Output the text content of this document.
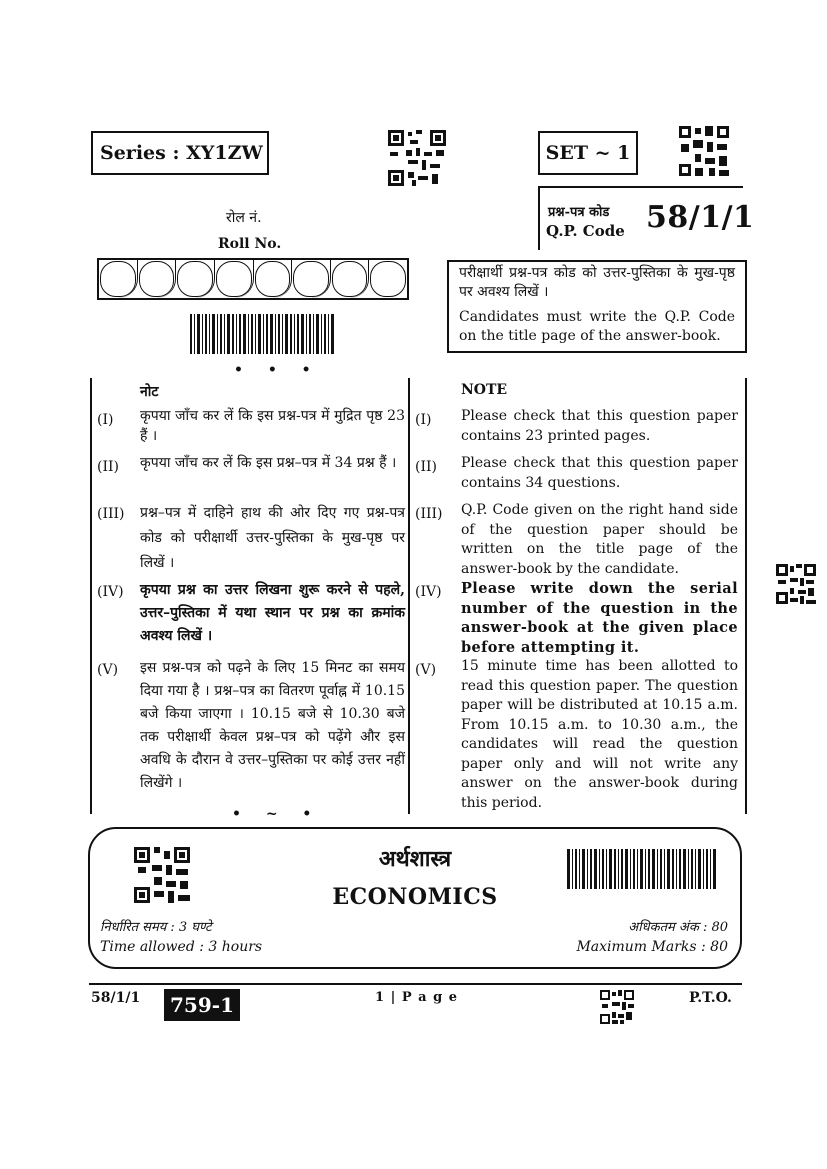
Series : XY1ZW	SET ~ 1
प्रश्न-पत्र कोड
Q.P. Code 58/1/1
रोल नं.
Roll No.
• • •
परीक्षार्थी प्रश्न-पत्र कोड को उत्तर-पुस्तिका के मुख-पृष्ठ पर अवश्य लिखें ।
Candidates must write the Q.P. Code on the title page of the answer-book.
नोट	NOTE
(I) कृपया जाँच कर लें कि इस प्रश्न-पत्र में मुद्रित पृष्ठ 23 हैं ।
(I) Please check that this question paper contains 23 printed pages.
(II) कृपया जाँच कर लें कि इस प्रश्न–पत्र में 34 प्रश्न हैं ।	(II) Please check that this question paper contains 34 questions.
(III) प्रश्न–पत्र में दाहिने हाथ की ओर दिए गए प्रश्न-पत्र कोड को परीक्षार्थी उत्तर-पुस्तिका के मुख-पृष्ठ पर लिखें ।
(III) Q.P. Code given on the right hand side of the question paper should be written on the title page of the answer-book by the candidate.
(IV) कृपया प्रश्न का उत्तर लिखना शुरू करने से पहले, उत्तर–पुस्तिका में यथा स्थान पर प्रश्न का क्रमांक अवश्य लिखें ।
(IV) Please write down the serial number of the question in the answer-book at the given place before attempting it.
(V) इस प्रश्न-पत्र को पढ़ने के लिए 15 मिनट का समय दिया गया है । प्रश्न–पत्र का वितरण पूर्वाह्न में 10.15 बजे किया जाएगा । 10.15 बजे से 10.30 बजे तक परीक्षार्थी केवल प्रश्न–पत्र को पढ़ेंगे और इस अवधि के दौरान वे उत्तर–पुस्तिका पर कोई उत्तर नहीं लिखेंगे ।
(V) 15 minute time has been allotted to read this question paper. The question paper will be distributed at 10.15 a.m. From 10.15 a.m. to 10.30 a.m., the candidates will read the question paper only and will not write any answer on the answer-book during this period.
• ~ •
अर्थशास्त्र
ECONOMICS
निर्धारित समय : 3 घण्टे
Time allowed : 3 hours
अधिकतम अंक : 80
Maximum Marks : 80
58/1/1	759-1	1 | P a g e	P.T.O.
